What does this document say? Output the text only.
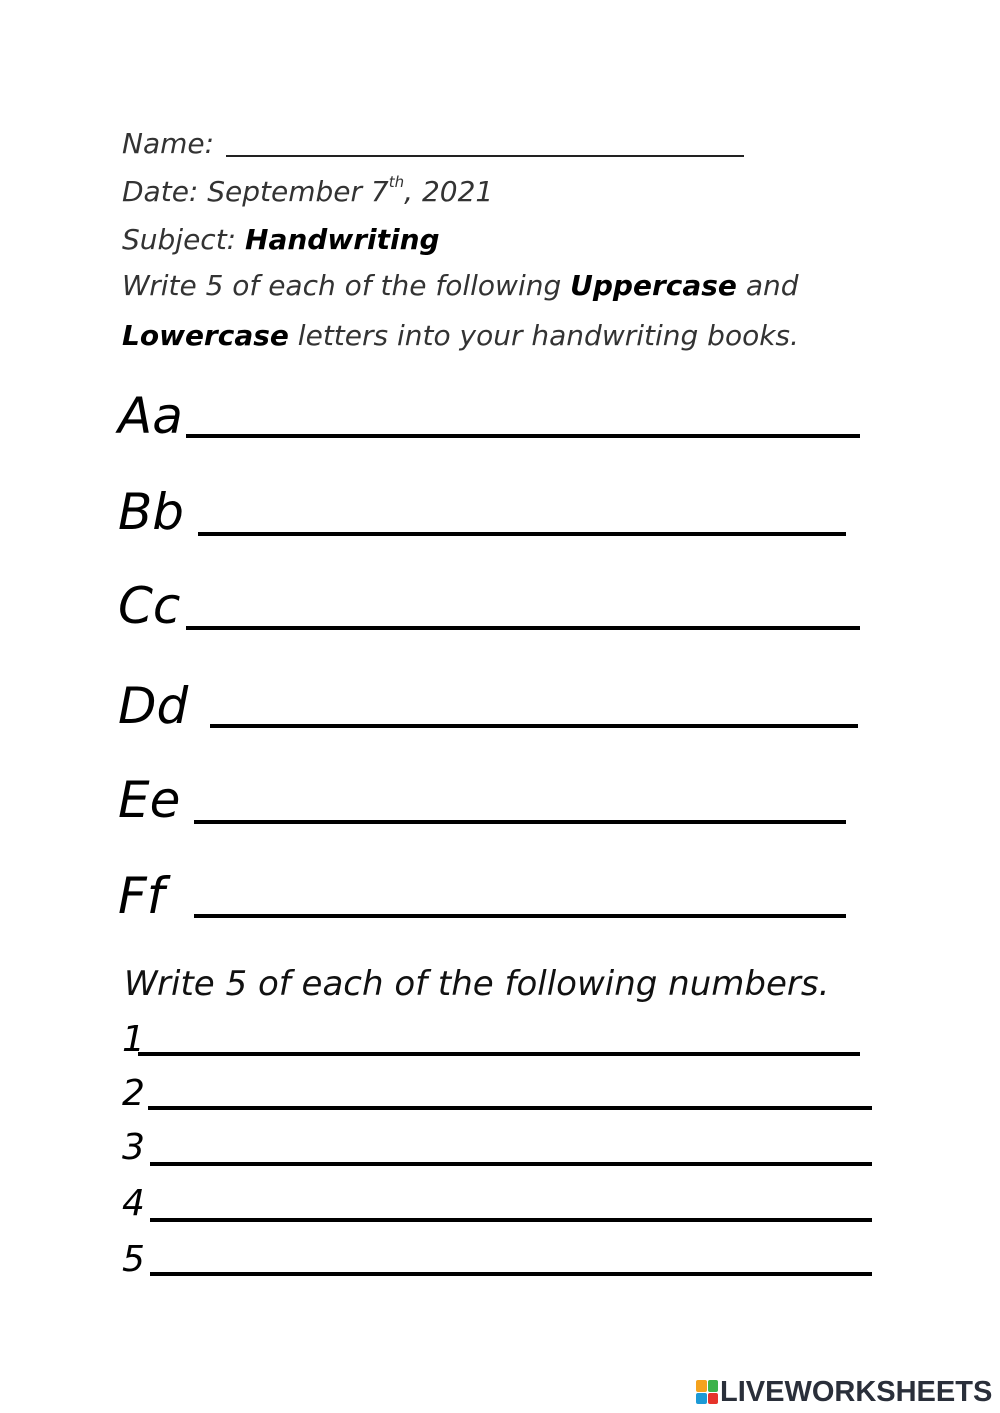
Name:
Date: September 7th, 2021
Subject: Handwriting
Write 5 of each of the following Uppercase and
Lowercase letters into your handwriting books.
Aa
Bb
Cc
Dd
Ee
Ff
Write 5 of each of the following numbers.
1
2
3
4
5
LIVEWORKSHEETS
